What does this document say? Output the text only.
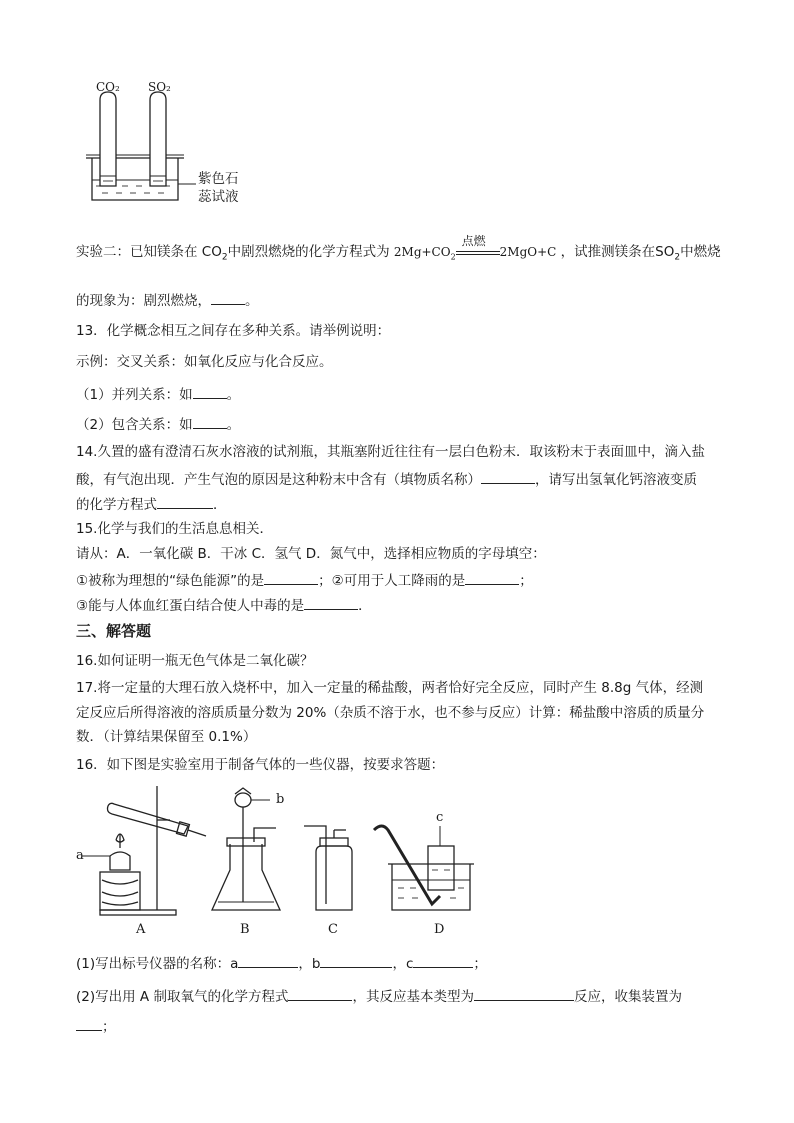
CO₂ SO₂
紫色石
蕊试液
实验二：已知镁条在 $CO_2$中剧烈燃烧的化学方程式为 $2Mg+CO_2$
点燃
2MgO+C ，试推测镁条在$SO_2$中燃烧
的现象为：剧烈燃烧，	。
13．化学概念相互之间存在多种关系。请举例说明：
示例：交叉关系：如氧化反应与化合反应。
（1）并列关系：如	。
（2）包含关系：如	。
14.久置的盛有澄清石灰水溶液的试剂瓶，其瓶塞附近往往有一层白色粉末．取该粉末于表面皿中，滴入盐
酸，有气泡出现．产生气泡的原因是这种粉末中含有（填物质名称）	，请写出氢氧化钙溶液变质
的化学方程式	．
15.化学与我们的生活息息相关．
请从：A．一氧化碳 B．干冰 C．氢气 D．氮气中，选择相应物质的字母填空：
①被称为理想的“绿色能源”的是	；②可用于人工降雨的是	；
③能与人体血红蛋白结合使人中毒的是	．
三、解答题
16.如何证明一瓶无色气体是二氧化碳？
17.将一定量的大理石放入烧杯中，加入一定量的稀盐酸，两者恰好完全反应，同时产生 8.8g 气体，经测
定反应后所得溶液的溶质质量分数为 20%（杂质不溶于水，也不参与反应）计算：稀盐酸中溶质的质量分
数．（计算结果保留至 0.1%）
16．如下图是实验室用于制备气体的一些仪器，按要求答题：
a
b
c
A	B	C	D
(1)写出标号仪器的名称：a	，b	，c	；
(2)写出用 A 制取氧气的化学方程式	，其反应基本类型为	反应，收集装置为
；
